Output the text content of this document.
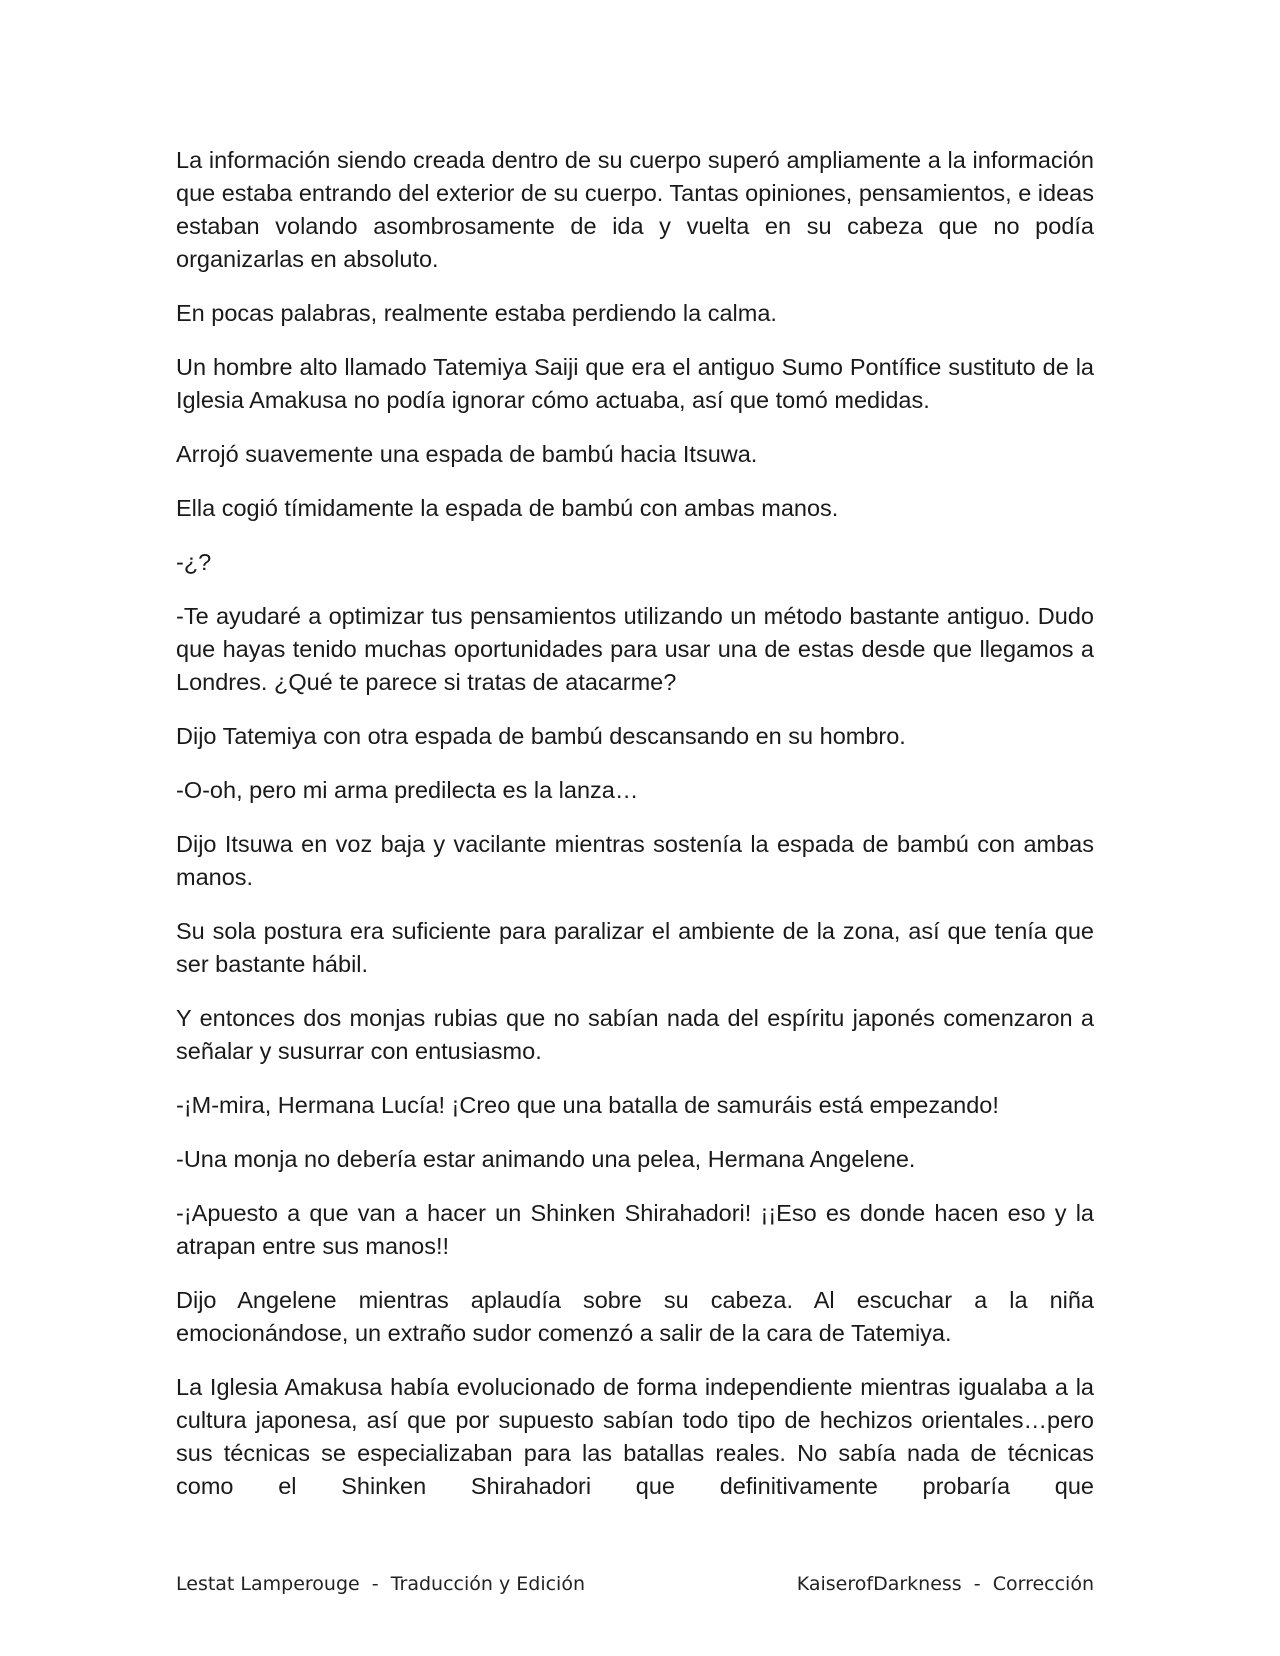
La información siendo creada dentro de su cuerpo superó ampliamente a la información que estaba entrando del exterior de su cuerpo. Tantas opiniones, pensamientos, e ideas estaban volando asombrosamente de ida y vuelta en su cabeza que no podía organizarlas en absoluto.

En pocas palabras, realmente estaba perdiendo la calma.

Un hombre alto llamado Tatemiya Saiji que era el antiguo Sumo Pontífice sustituto de la Iglesia Amakusa no podía ignorar cómo actuaba, así que tomó medidas.

Arrojó suavemente una espada de bambú hacia Itsuwa.

Ella cogió tímidamente la espada de bambú con ambas manos.

-¿?

-Te ayudaré a optimizar tus pensamientos utilizando un método bastante antiguo. Dudo que hayas tenido muchas oportunidades para usar una de estas desde que llegamos a Londres. ¿Qué te parece si tratas de atacarme?

Dijo Tatemiya con otra espada de bambú descansando en su hombro.

-O-oh, pero mi arma predilecta es la lanza…

Dijo Itsuwa en voz baja y vacilante mientras sostenía la espada de bambú con ambas manos.

Su sola postura era suficiente para paralizar el ambiente de la zona, así que tenía que ser bastante hábil.

Y entonces dos monjas rubias que no sabían nada del espíritu japonés comenzaron a señalar y susurrar con entusiasmo.

-¡M-mira, Hermana Lucía! ¡Creo que una batalla de samuráis está empezando!

-Una monja no debería estar animando una pelea, Hermana Angelene.

-¡Apuesto a que van a hacer un Shinken Shirahadori! ¡¡Eso es donde hacen eso y la atrapan entre sus manos!!

Dijo Angelene mientras aplaudía sobre su cabeza. Al escuchar a la niña emocionándose, un extraño sudor comenzó a salir de la cara de Tatemiya.

La Iglesia Amakusa había evolucionado de forma independiente mientras igualaba a la cultura japonesa, así que por supuesto sabían todo tipo de hechizos orientales…pero sus técnicas se especializaban para las batallas reales. No sabía nada de técnicas como el Shinken Shirahadori que definitivamente probaría que

Lestat Lamperouge  -  Traducción y Edición	KaiserofDarkness  -  Corrección
